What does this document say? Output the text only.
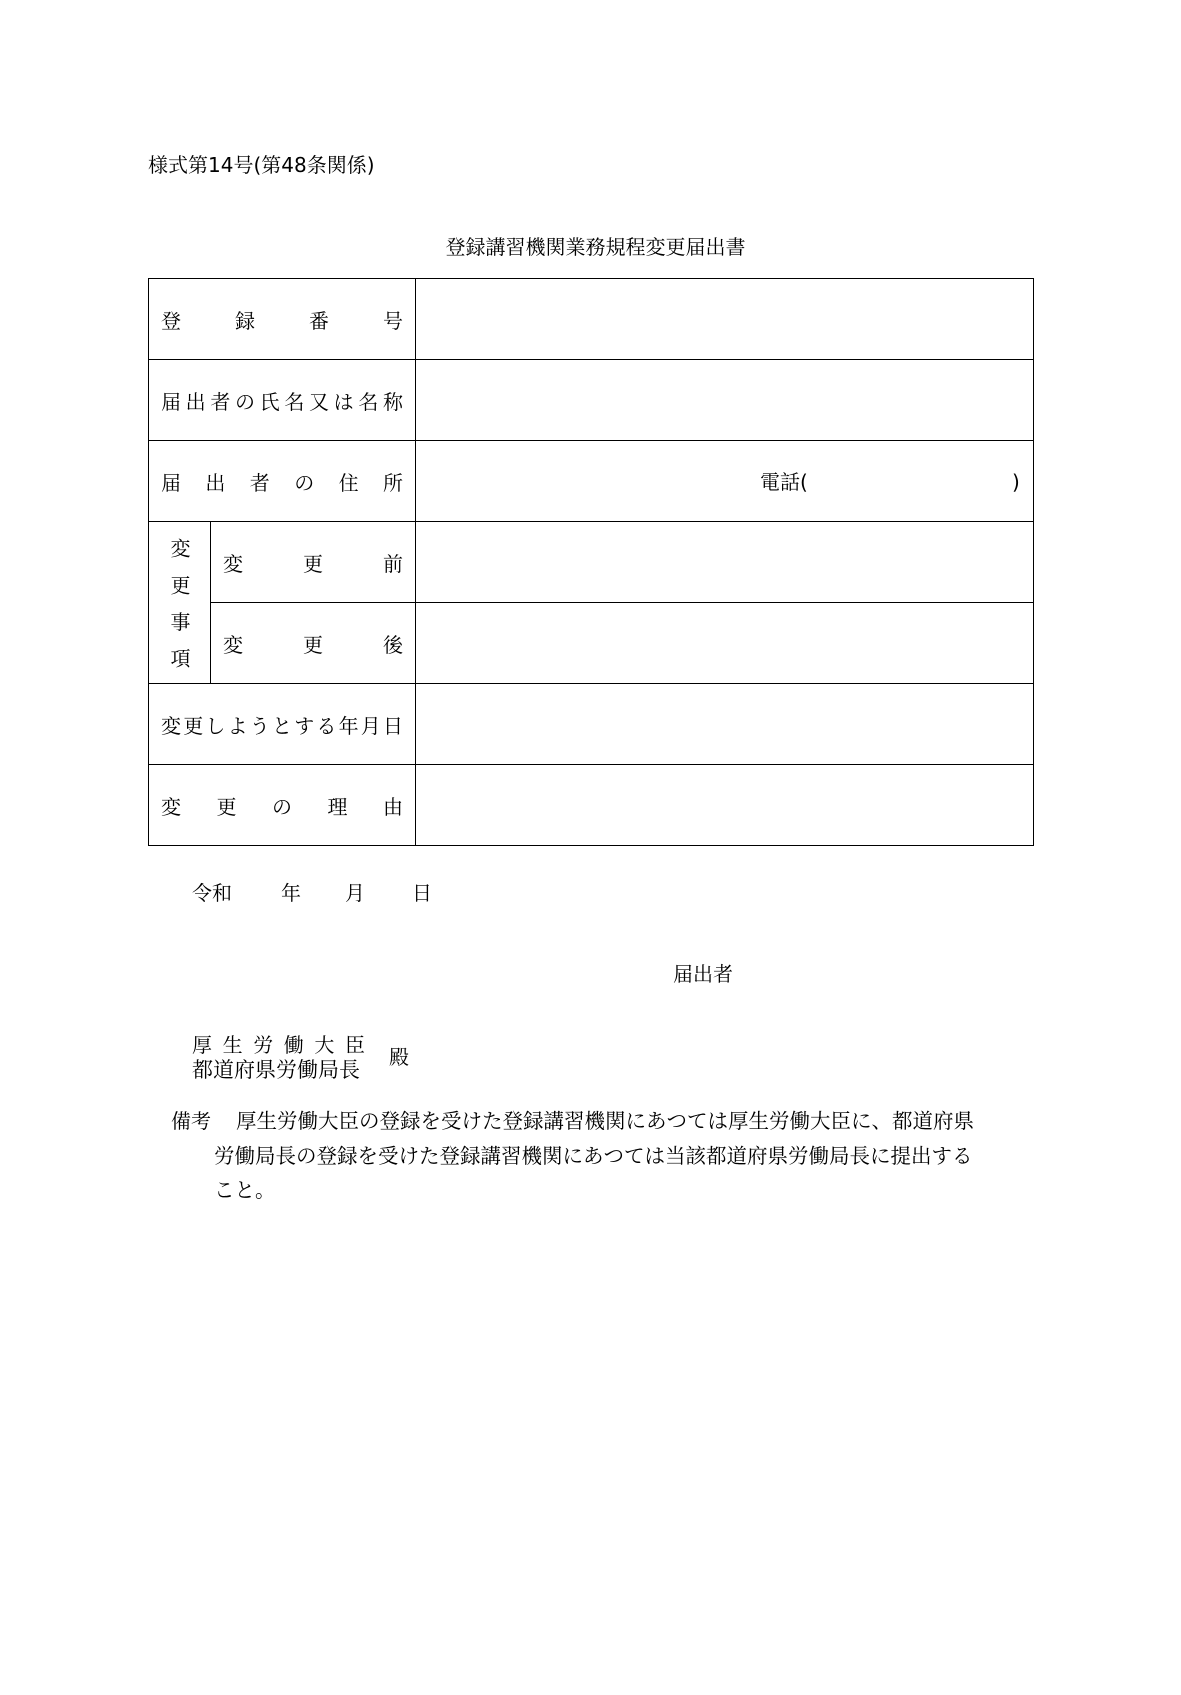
様式第14号(第48条関係)
登録講習機関業務規程変更届出書
登録番号		

届出者の氏名又は名称		

届出者の住所		電話( )

変更事項	変更前	

	変更後	

変更しようとする年月日		

変更の理由		

令和 年 月 日
届出者
厚生労働大臣
都道府県労働局長
殿
備考 厚生労働大臣の登録を受けた登録講習機関にあつては厚生労働大臣に、都道府県
労働局長の登録を受けた登録講習機関にあつては当該都道府県労働局長に提出する
こと。
